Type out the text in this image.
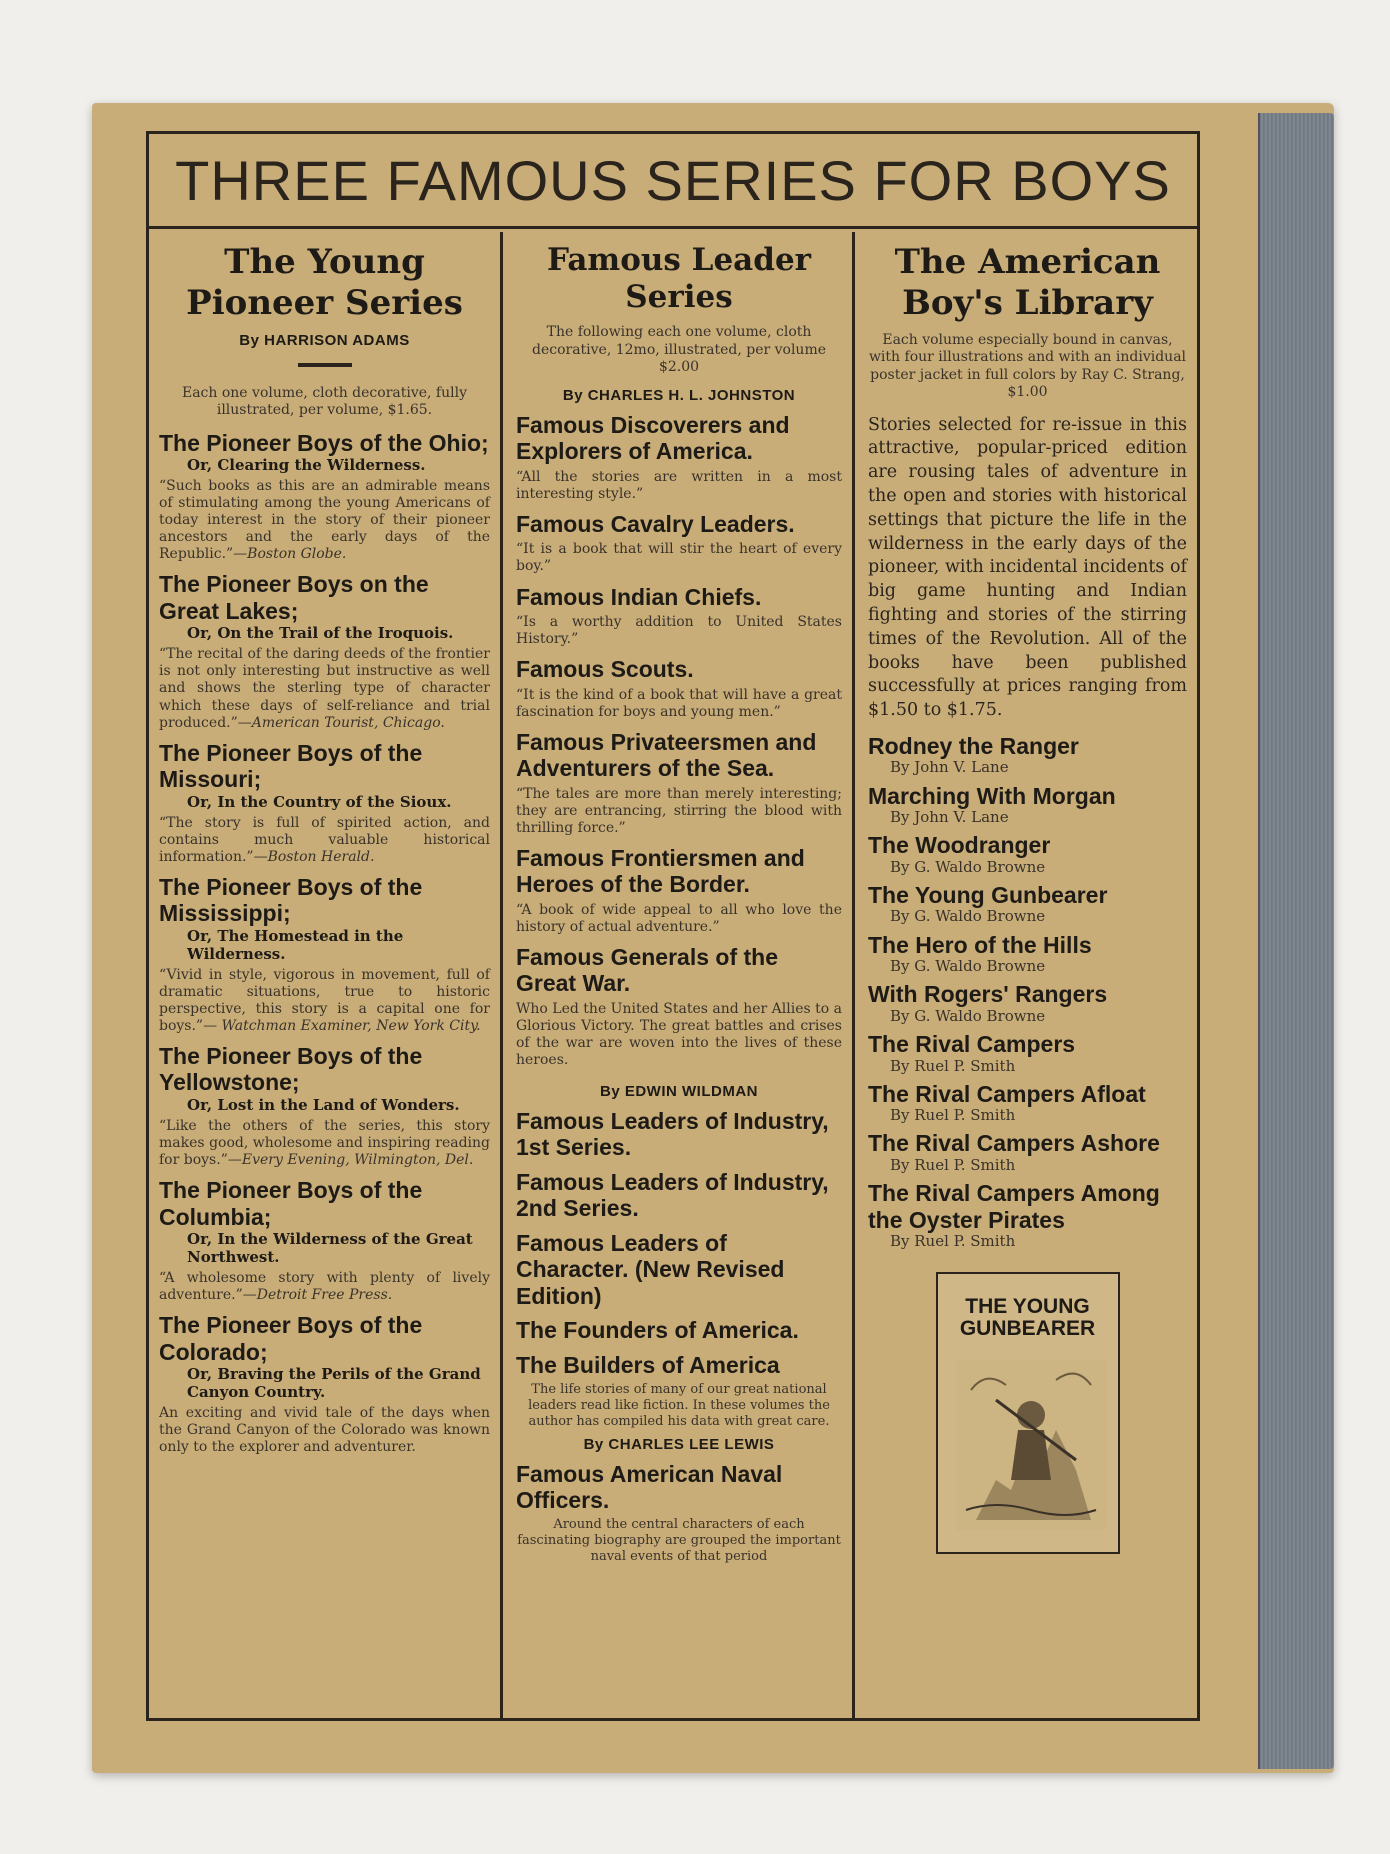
THREE FAMOUS SERIES FOR BOYS
The Young Pioneer Series
By HARRISON ADAMS
Each one volume, cloth decorative, fully illustrated, per volume, $1.65.
The Pioneer Boys of the Ohio;
Or, Clearing the Wilderness.
“Such books as this are an admirable means of stimulating among the young Americans of today interest in the story of their pioneer ancestors and the early days of the Republic.”—Boston Globe.
The Pioneer Boys on the Great Lakes;
Or, On the Trail of the Iroquois.
“The recital of the daring deeds of the frontier is not only interesting but instructive as well and shows the sterling type of character which these days of self-reliance and trial produced.”—American Tourist, Chicago.
The Pioneer Boys of the Missouri;
Or, In the Country of the Sioux.
“The story is full of spirited action, and contains much valuable historical information.”—Boston Herald.
The Pioneer Boys of the Mississippi;
Or, The Homestead in the Wilderness.
“Vivid in style, vigorous in movement, full of dramatic situations, true to historic perspective, this story is a capital one for boys.”— Watchman Examiner, New York City.
The Pioneer Boys of the Yellowstone;
Or, Lost in the Land of Wonders.
“Like the others of the series, this story makes good, wholesome and inspiring reading for boys.”—Every Evening, Wilmington, Del.
The Pioneer Boys of the Columbia;
Or, In the Wilderness of the Great Northwest.
“A wholesome story with plenty of lively adventure.”—Detroit Free Press.
The Pioneer Boys of the Colorado;
Or, Braving the Perils of the Grand Canyon Country.
An exciting and vivid tale of the days when the Grand Canyon of the Colorado was known only to the explorer and adventurer.
Famous Leader Series
The following each one volume, cloth decorative, 12mo, illustrated, per volume $2.00
By CHARLES H. L. JOHNSTON
Famous Discoverers and Explorers of America.
“All the stories are written in a most interesting style.”
Famous Cavalry Leaders.
“It is a book that will stir the heart of every boy.”
Famous Indian Chiefs.
“Is a worthy addition to United States History.”
Famous Scouts.
“It is the kind of a book that will have a great fascination for boys and young men.”
Famous Privateersmen and Adventurers of the Sea.
“The tales are more than merely interesting; they are entrancing, stirring the blood with thrilling force.”
Famous Frontiersmen and Heroes of the Border.
“A book of wide appeal to all who love the history of actual adventure.”
Famous Generals of the Great War.
Who Led the United States and her Allies to a Glorious Victory. The great battles and crises of the war are woven into the lives of these heroes.
By EDWIN WILDMAN
Famous Leaders of Industry, 1st Series.
Famous Leaders of Industry, 2nd Series.
Famous Leaders of Character. (New Revised Edition)
The Founders of America.
The Builders of America
The life stories of many of our great national leaders read like fiction. In these volumes the author has compiled his data with great care.
By CHARLES LEE LEWIS
Famous American Naval Officers.
Around the central characters of each fascinating biography are grouped the important naval events of that period
The American Boy's Library
Each volume especially bound in canvas, with four illustrations and with an individual poster jacket in full colors by Ray C. Strang, $1.00
Stories selected for re-issue in this attractive, popular-priced edition are rousing tales of adventure in the open and stories with historical settings that picture the life in the wilderness in the early days of the pioneer, with incidental incidents of big game hunting and Indian fighting and stories of the stirring times of the Revolution. All of the books have been published successfully at prices ranging from $1.50 to $1.75.
Rodney the Ranger
By John V. Lane
Marching With Morgan
By John V. Lane
The Woodranger
By G. Waldo Browne
The Young Gunbearer
By G. Waldo Browne
The Hero of the Hills
By G. Waldo Browne
With Rogers' Rangers
By G. Waldo Browne
The Rival Campers
By Ruel P. Smith
The Rival Campers Afloat
By Ruel P. Smith
The Rival Campers Ashore
By Ruel P. Smith
The Rival Campers Among the Oyster Pirates
By Ruel P. Smith
THE YOUNG GUNBEARER
